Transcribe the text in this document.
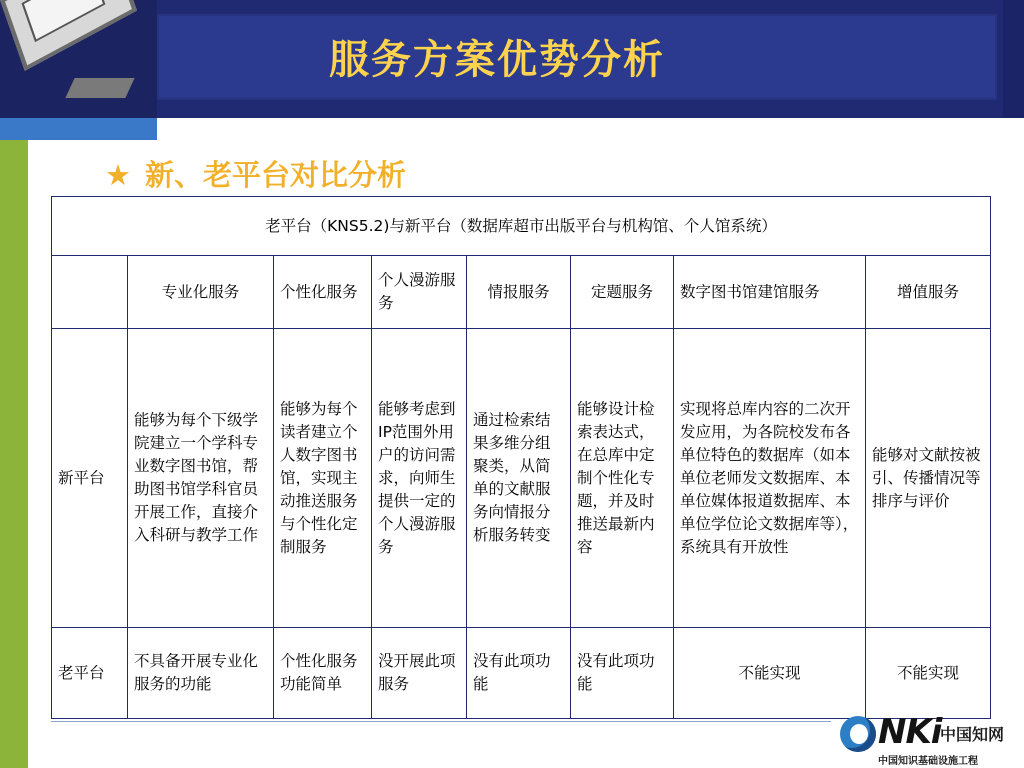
服务方案优势分析
★ 新、老平台对比分析
老平台（KNS5.2)与新平台（数据库超市出版平台与机构馆、个人馆系统）							
	专业化服务	个性化服务	个人漫游服务	情报服务	定题服务	数字图书馆建馆服务	增值服务
新平台	能够为每个下级学院建立一个学科专业数字图书馆，帮助图书馆学科官员开展工作，直接介入科研与教学工作	能够为每个读者建立个人数字图书馆，实现主动推送服务与个性化定制服务	能够考虑到IP范围外用户的访问需求，向师生提供一定的个人漫游服务	通过检索结果多维分组聚类，从简单的文献服务向情报分析服务转变	能够设计检索表达式，在总库中定制个性化专题，并及时推送最新内容	实现将总库内容的二次开发应用，为各院校发布各单位特色的数据库（如本单位老师发文数据库、本单位媒体报道数据库、本单位学位论文数据库等），系统具有开放性	能够对文献按被引、传播情况等排序与评价
老平台	不具备开展专业化服务的功能	个性化服务功能简单	没开展此项服务	没有此项功能	没有此项功能	不能实现	不能实现
NKi
中国知网
中国知识基础设施工程
